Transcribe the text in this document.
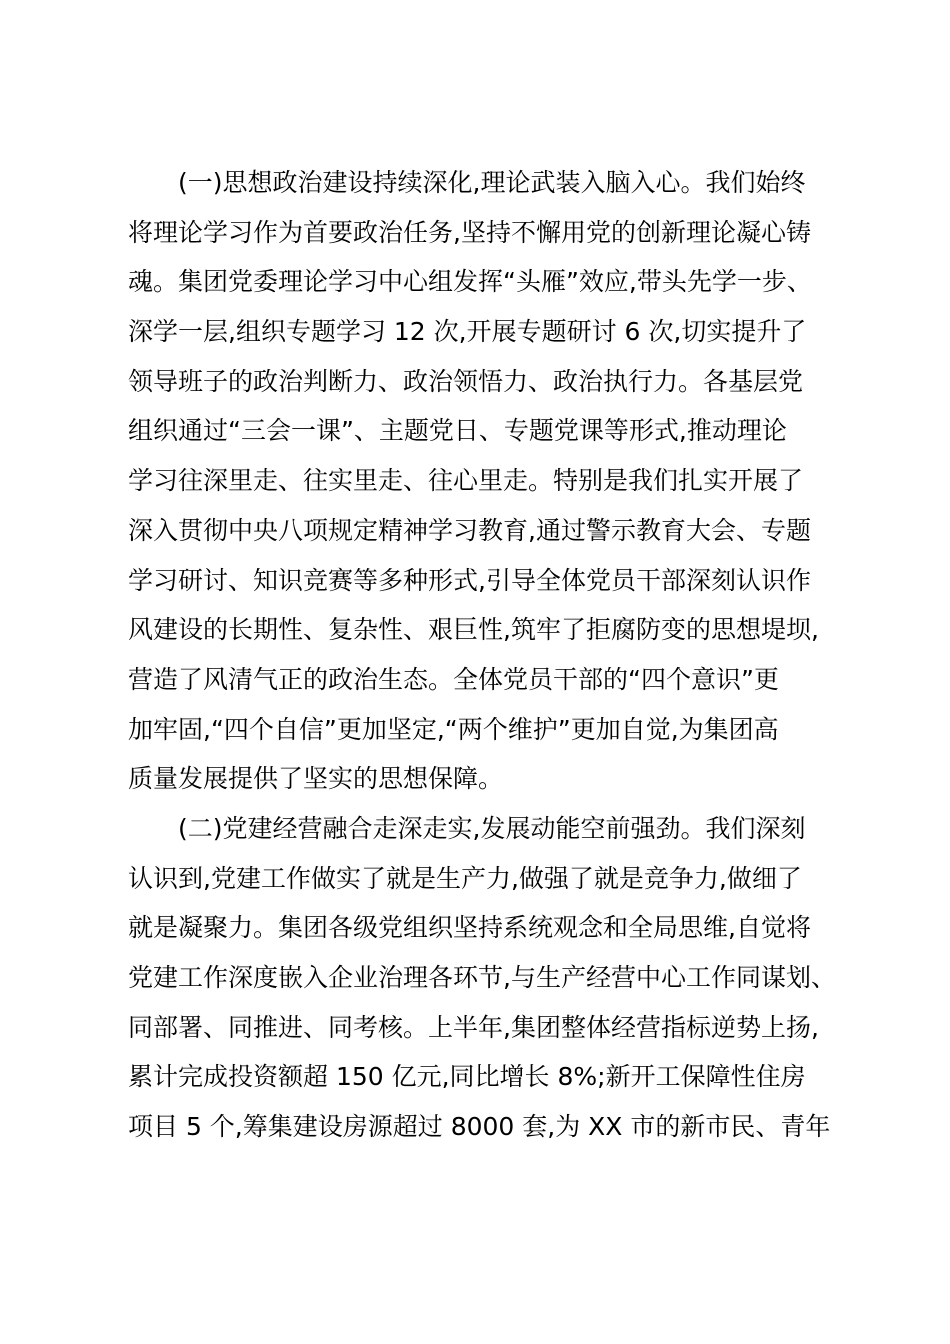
(一)思想政治建设持续深化,理论武装入脑入心。我们始终
将理论学习作为首要政治任务,坚持不懈用党的创新理论凝心铸
魂。集团党委理论学习中心组发挥“头雁”效应,带头先学一步、
深学一层,组织专题学习 12 次,开展专题研讨 6 次,切实提升了
领导班子的政治判断力、政治领悟力、政治执行力。各基层党
组织通过“三会一课”、主题党日、专题党课等形式,推动理论
学习往深里走、往实里走、往心里走。特别是我们扎实开展了
深入贯彻中央八项规定精神学习教育,通过警示教育大会、专题
学习研讨、知识竞赛等多种形式,引导全体党员干部深刻认识作
风建设的长期性、复杂性、艰巨性,筑牢了拒腐防变的思想堤坝,
营造了风清气正的政治生态。全体党员干部的“四个意识”更
加牢固,“四个自信”更加坚定,“两个维护”更加自觉,为集团高
质量发展提供了坚实的思想保障。
(二)党建经营融合走深走实,发展动能空前强劲。我们深刻
认识到,党建工作做实了就是生产力,做强了就是竞争力,做细了
就是凝聚力。集团各级党组织坚持系统观念和全局思维,自觉将
党建工作深度嵌入企业治理各环节,与生产经营中心工作同谋划、
同部署、同推进、同考核。上半年,集团整体经营指标逆势上扬,
累计完成投资额超 150 亿元,同比增长 8%;新开工保障性住房
项目 5 个,筹集建设房源超过 8000 套,为 XX 市的新市民、青年
